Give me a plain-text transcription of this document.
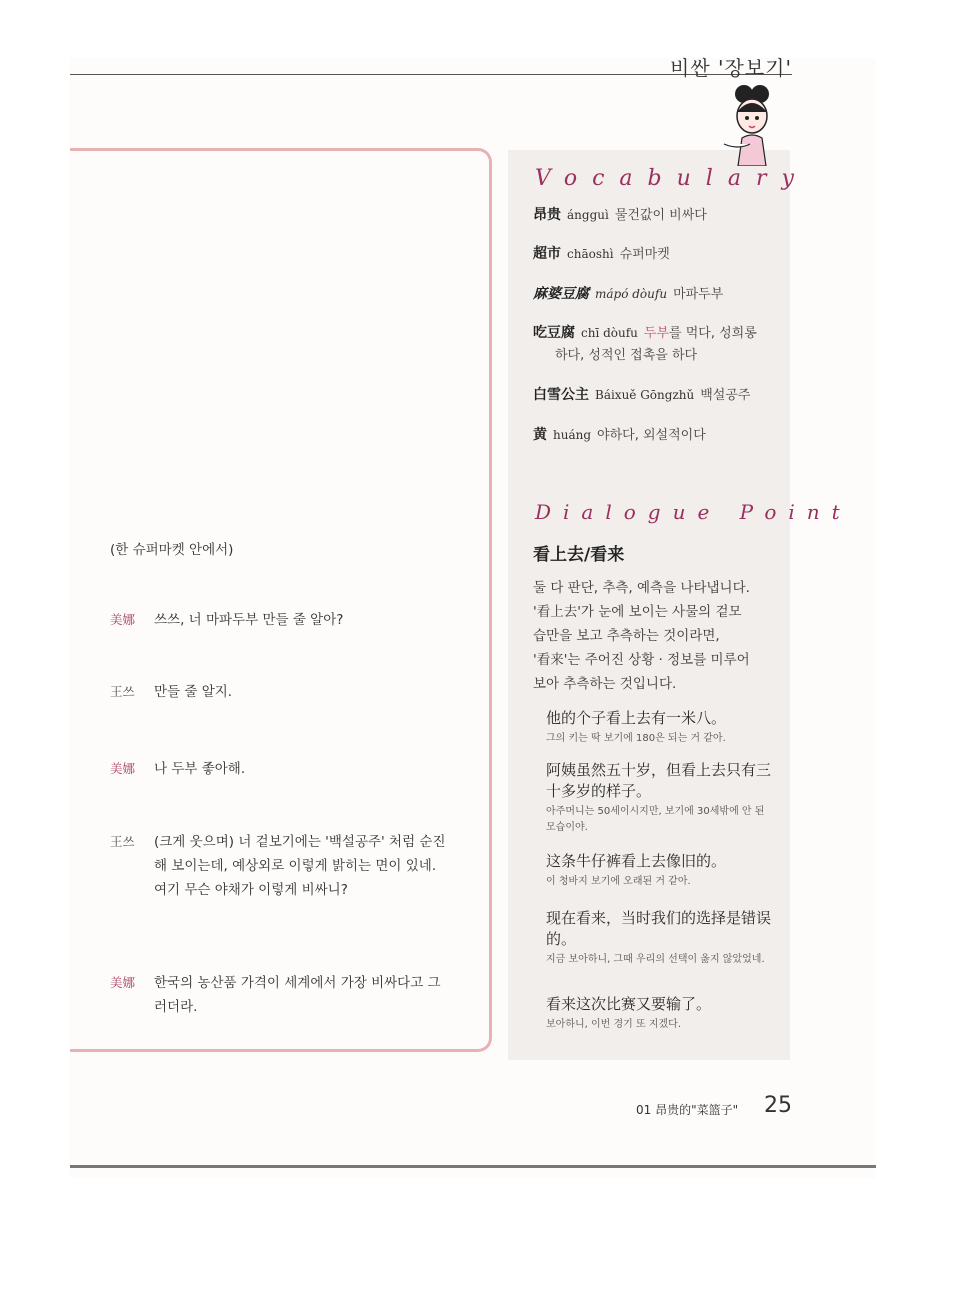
비싼 '장보기'
Vocabulary
昂贵 ángguì 물건값이 비싸다
超市 chāoshì 슈퍼마켓
麻婆豆腐 mápó dòufu 마파두부
吃豆腐 chī dòufu 두부를 먹다, 성희롱
하다, 성적인 접촉을 하다
白雪公主 Báixuě Gōngzhǔ 백설공주
黄 huáng 야하다, 외설적이다
Dialogue Point
看上去/看来
둘 다 판단, 추측, 예측을 나타냅니다.
'看上去'가 눈에 보이는 사물의 겉모
습만을 보고 추측하는 것이라면,
'看来'는 주어진 상황 · 정보를 미루어
보아 추측하는 것입니다.
他的个子看上去有一米八。
그의 키는 딱 보기에 180은 되는 거 같아.
阿姨虽然五十岁，但看上去只有三十多岁的样子。
아주머니는 50세이시지만, 보기에 30세밖에 안 된 모습이야.
这条牛仔裤看上去像旧的。
이 청바지 보기에 오래된 거 같아.
现在看来，当时我们的选择是错误的。
지금 보아하니, 그때 우리의 선택이 옳지 않았었네.
看来这次比赛又要输了。
보아하니, 이번 경기 또 지겠다.
(한 슈퍼마켓 안에서)
美娜 쓰쓰, 너 마파두부 만들 줄 알아?
王쓰 만들 줄 알지.
美娜 나 두부 좋아해.
王쓰 (크게 웃으며) 너 겉보기에는 '백설공주' 처럼 순진해 보이는데, 예상외로 이렇게 밝히는 면이 있네. 여기 무슨 야채가 이렇게 비싸니?
美娜 한국의 농산품 가격이 세계에서 가장 비싸다고 그러더라.
01 昂贵的"菜篮子" 25
